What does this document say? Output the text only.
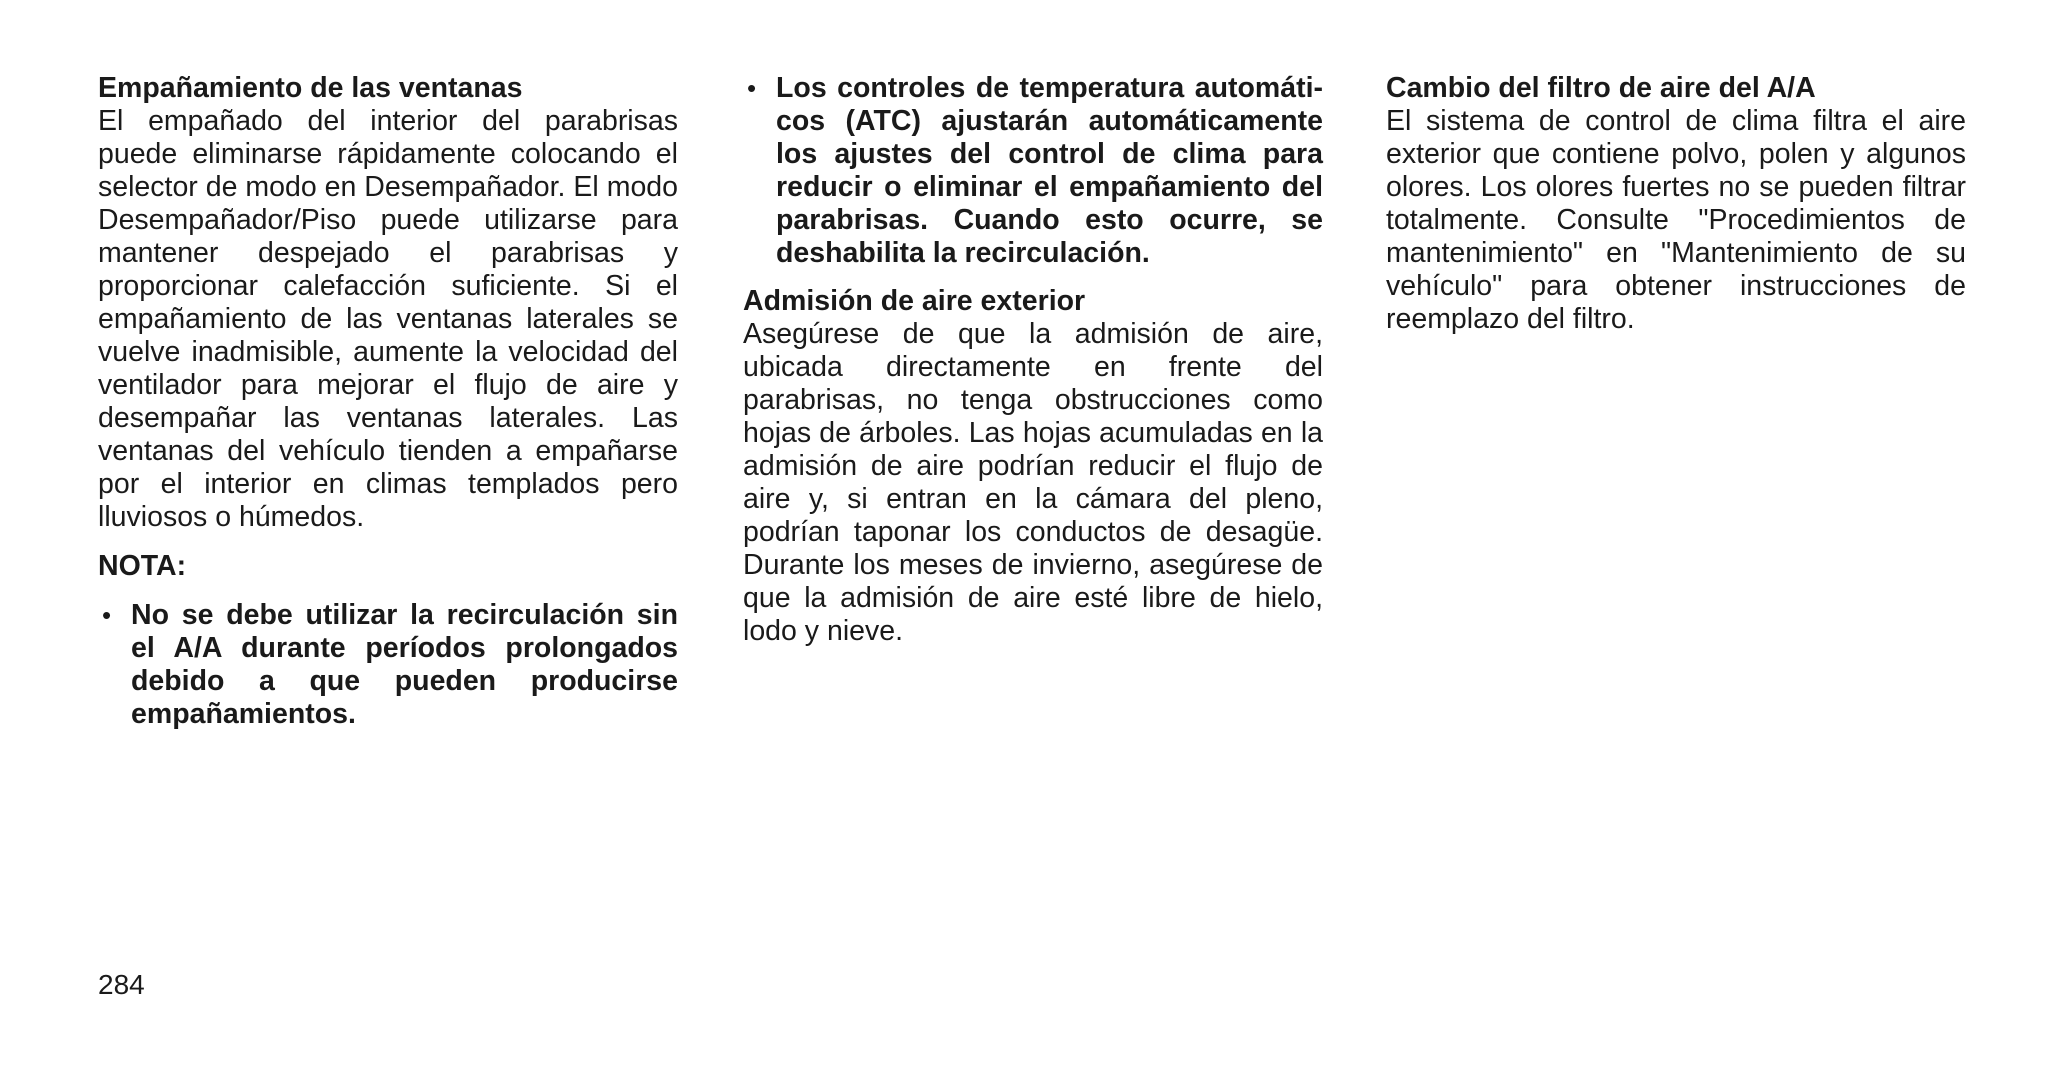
Empañamiento de las ventanas

El empañado del interior del parabrisas puede eliminarse rápidamente colocando el selector de modo en Desempañador. El modo Desempañador/Piso puede utilizarse para mantener despejado el parabrisas y proporcionar calefacción suficiente. Si el empañamiento de las ventanas laterales se vuelve inadmisible, aumente la velocidad del ventilador para mejorar el flujo de aire y desempañar las ventanas laterales. Las ventanas del vehículo tienden a empañarse por el interior en climas templados pero lluviosos o húmedos.

NOTA:

• No se debe utilizar la recirculación sin el A/A durante períodos prolongados debido a que pueden producirse empañamientos.
• Los controles de temperatura automáticos (ATC) ajustarán automáticamente los ajustes del control de clima para reducir o eliminar el empañamiento del parabrisas. Cuando esto ocurre, se deshabilita la recirculación.

Admisión de aire exterior

Asegúrese de que la admisión de aire, ubicada directamente en frente del parabrisas, no tenga obstrucciones como hojas de árboles. Las hojas acumuladas en la admisión de aire podrían reducir el flujo de aire y, si entran en la cámara del pleno, podrían taponar los conductos de desagüe. Durante los meses de invierno, asegúrese de que la admisión de aire esté libre de hielo, lodo y nieve.

Cambio del filtro de aire del A/A

El sistema de control de clima filtra el aire exterior que contiene polvo, polen y algunos olores. Los olores fuertes no se pueden filtrar totalmente. Consulte "Procedimientos de mantenimiento" en "Mantenimiento de su vehículo" para obtener instrucciones de reemplazo del filtro.

284
